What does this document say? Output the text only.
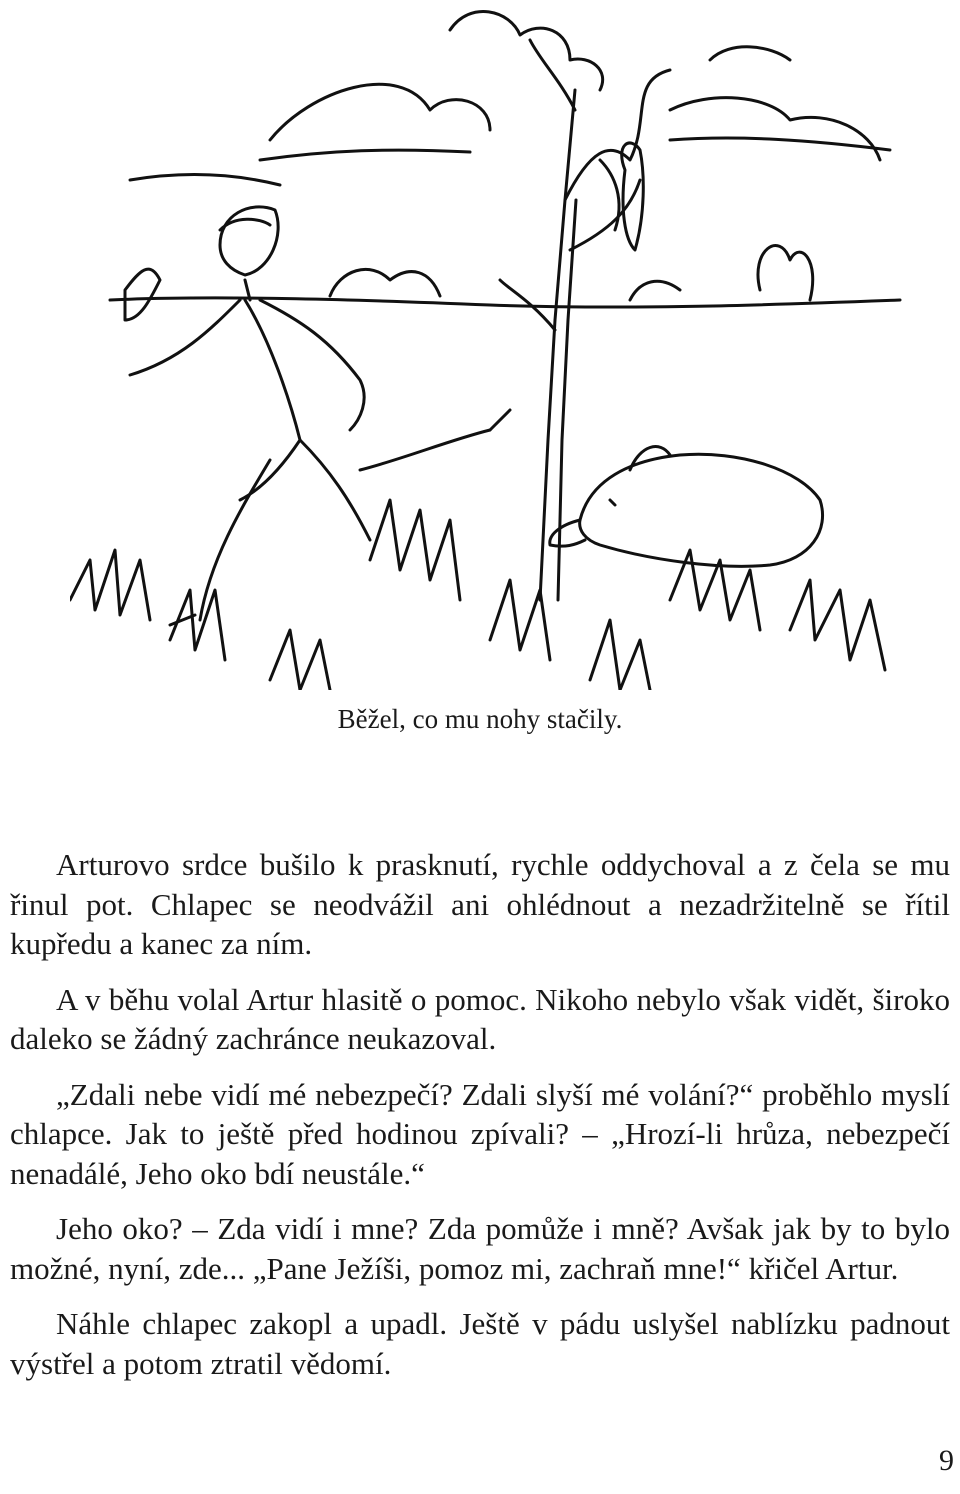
Běžel, co mu nohy stačily.

Arturovo srdce bušilo k prasknutí, rychle oddychoval a z čela se mu řinul pot. Chlapec se neodvážil ani ohlédnout a nezadržitelně se řítil kupředu a kanec za ním.

A v běhu volal Artur hlasitě o pomoc. Nikoho nebylo však vidět, široko daleko se žádný zachránce neukazoval.

„Zdali nebe vidí mé nebezpečí? Zdali slyší mé volání?“ proběhlo myslí chlapce. Jak to ještě před hodinou zpívali? – „Hrozí-li hrůza, nebezpečí nenadálé, Jeho oko bdí neustále.“

Jeho oko? – Zda vidí i mne? Zda pomůže i mně? Avšak jak by to bylo možné, nyní, zde... „Pane Ježíši, pomoz mi, zachraň mne!“ křičel Artur.

Náhle chlapec zakopl a upadl. Ještě v pádu uslyšel nablízku padnout výstřel a potom ztratil vědomí.

9
